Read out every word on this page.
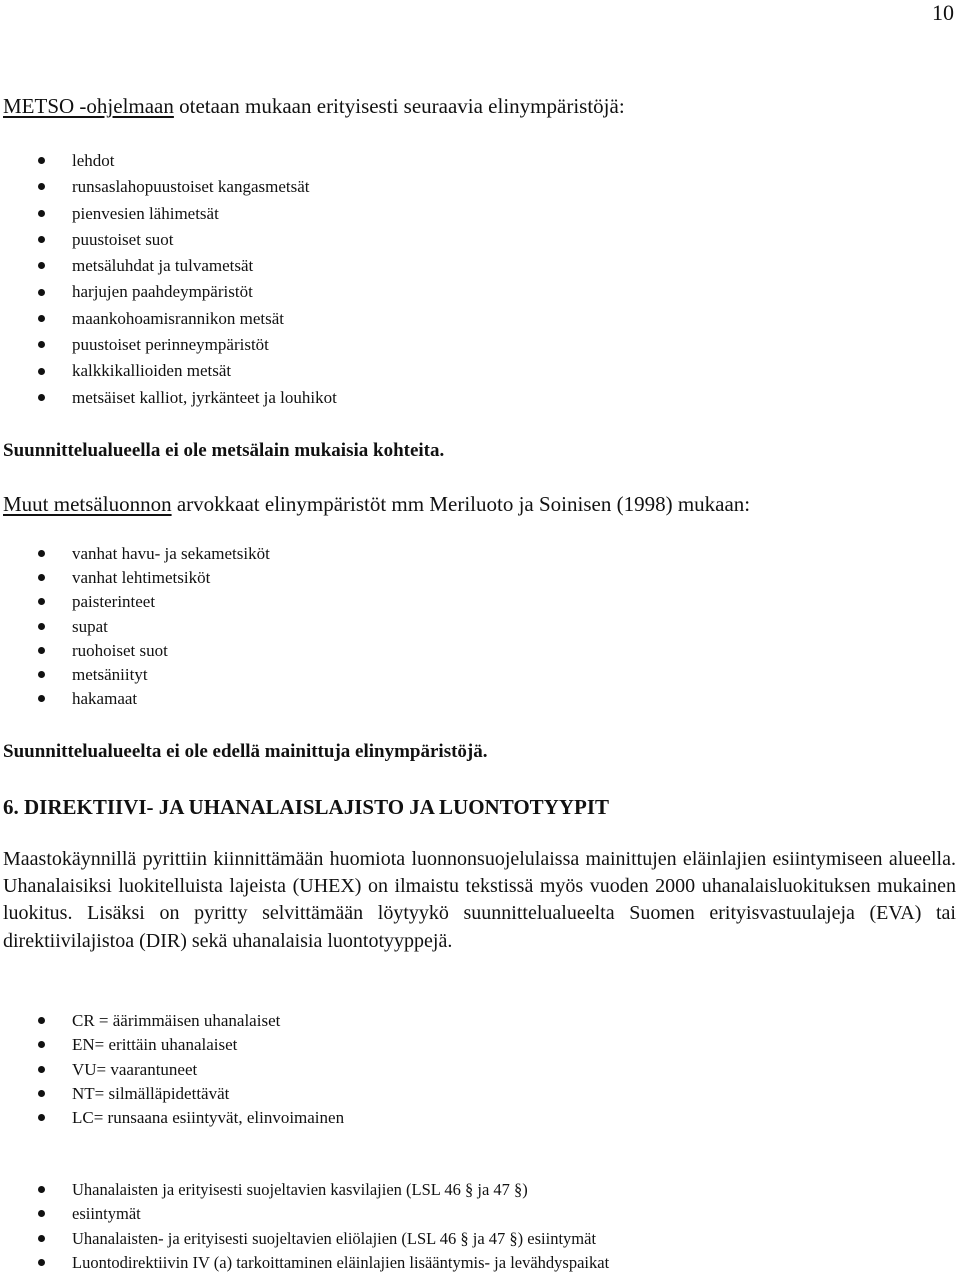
10
METSO -ohjelmaan otetaan mukaan erityisesti seuraavia elinympäristöjä:
lehdot
runsaslahopuustoiset kangasmetsät
pienvesien lähimetsät
puustoiset suot
metsäluhdat ja tulvametsät
harjujen paahdeympäristöt
maankohoamisrannikon metsät
puustoiset perinneympäristöt
kalkkikallioiden metsät
metsäiset kalliot, jyrkänteet ja louhikot
Suunnittelualueella ei ole metsälain mukaisia kohteita.
Muut metsäluonnon arvokkaat elinympäristöt mm Meriluoto ja Soinisen (1998) mukaan:
vanhat havu- ja sekametsiköt
vanhat lehtimetsiköt
paisterinteet
supat
ruohoiset suot
metsäniityt
hakamaat
Suunnittelualueelta ei ole edellä mainittuja elinympäristöjä.
6. DIREKTIIVI- JA UHANALAISLAJISTO JA LUONTOTYYPIT

Maastokäynnillä pyrittiin kiinnittämään huomiota luonnonsuojelulaissa mainittujen eläinlajien esiintymiseen alueella. Uhanalaisiksi luokitelluista lajeista (UHEX) on ilmaistu tekstissä myös vuoden 2000 uhanalaisluokituksen mukainen luokitus. Lisäksi on pyritty selvittämään löytyykö suunnittelualueelta Suomen erityisvastuulajeja (EVA) tai direktiivilajistoa (DIR) sekä uhanalaisia luontotyyppejä.

CR = äärimmäisen uhanalaiset
EN= erittäin uhanalaiset
VU= vaarantuneet
NT= silmälläpidettävät
LC= runsaana esiintyvät, elinvoimainen
Uhanalaisten ja erityisesti suojeltavien kasvilajien (LSL 46 § ja 47 §)
esiintymät
Uhanalaisten- ja erityisesti suojeltavien eliölajien (LSL 46 § ja 47 §) esiintymät
Luontodirektiivin IV (a) tarkoittaminen eläinlajien lisääntymis- ja levähdyspaikat
